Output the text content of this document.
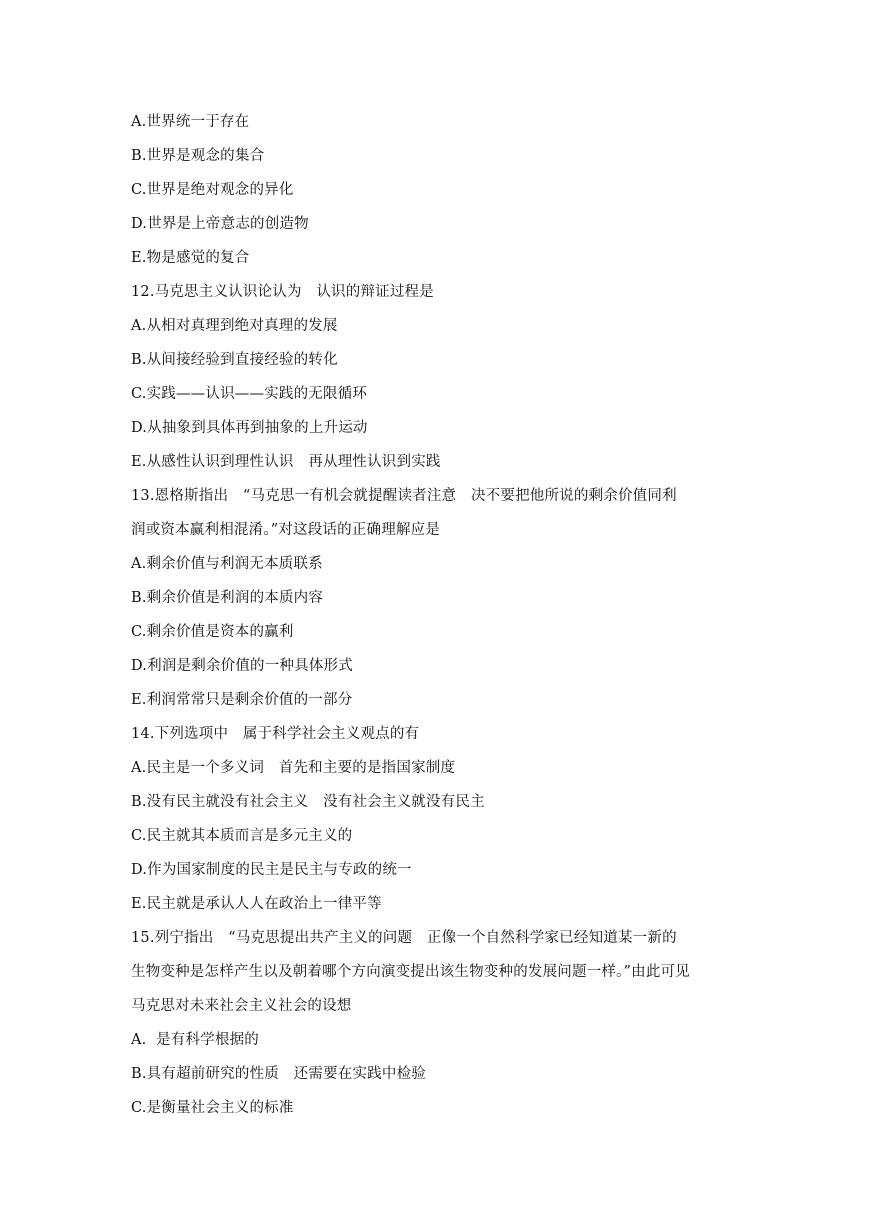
A.世界统一于存在
B.世界是观念的集合
C.世界是绝对观念的异化
D.世界是上帝意志的创造物
E.物是感觉的复合
12.马克思主义认识论认为　认识的辩证过程是
A.从相对真理到绝对真理的发展
B.从间接经验到直接经验的转化
C.实践——认识——实践的无限循环
D.从抽象到具体再到抽象的上升运动
E.从感性认识到理性认识　再从理性认识到实践
13.恩格斯指出　“马克思一有机会就提醒读者注意　决不要把他所说的剩余价值同利
润或资本赢利相混淆。”对这段话的正确理解应是
A.剩余价值与利润无本质联系
B.剩余价值是利润的本质内容
C.剩余价值是资本的赢利
D.利润是剩余价值的一种具体形式
E.利润常常只是剩余价值的一部分
14.下列选项中　属于科学社会主义观点的有
A.民主是一个多义词　首先和主要的是指国家制度
B.没有民主就没有社会主义　没有社会主义就没有民主
C.民主就其本质而言是多元主义的
D.作为国家制度的民主是民主与专政的统一
E.民主就是承认人人在政治上一律平等
15.列宁指出　“马克思提出共产主义的问题　正像一个自然科学家已经知道某一新的
生物变种是怎样产生以及朝着哪个方向演变提出该生物变种的发展问题一样。”由此可见
马克思对未来社会主义社会的设想
A.  是有科学根据的
B.具有超前研究的性质　还需要在实践中检验
C.是衡量社会主义的标准
